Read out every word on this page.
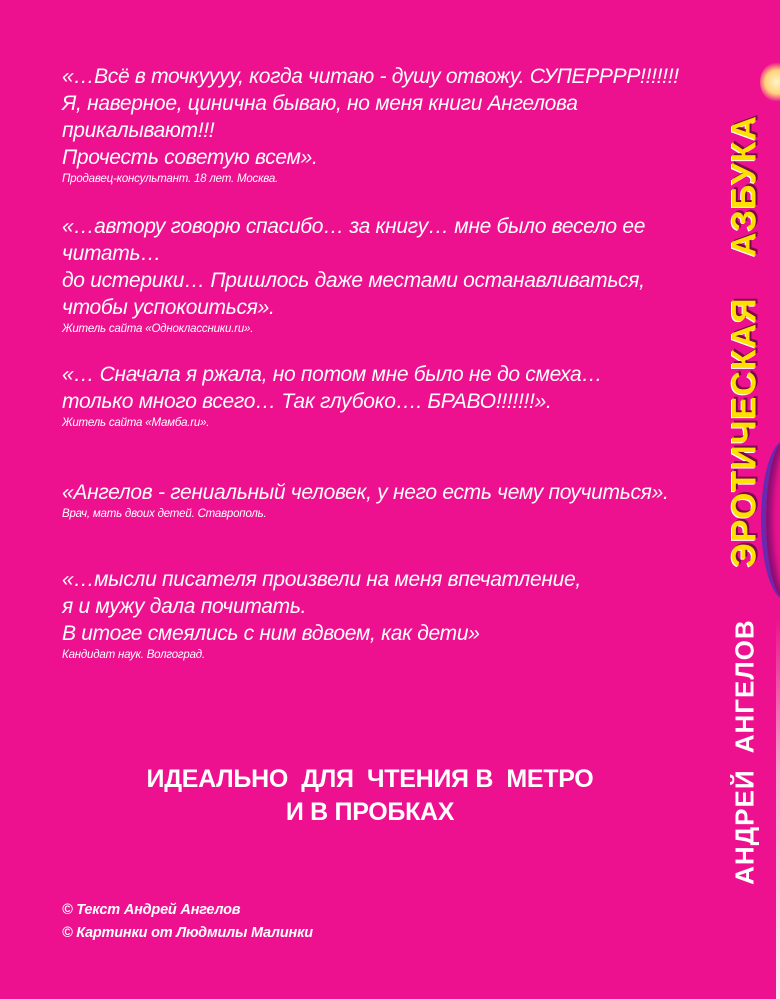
«…Всё в точкуууу, когда читаю - душу отвожу. СУПЕРРРР!!!!!!!
Я, наверное, цинична бываю, но меня книги Ангелова прикалывают!!!
Прочесть советую всем».

Продавец-консультант. 18 лет. Москва.

«…автору говорю спасибо… за книгу… мне было весело ее читать…
до истерики… Пришлось даже местами останавливаться,
чтобы успокоиться».

Житель сайта «Одноклассники.ru».

«… Сначала я ржала, но потом мне было не до смеха…
только много всего… Так глубоко…. БРАВО!!!!!!!».

Житель сайта «Мамба.ru».

«Ангелов - гениальный человек, у него есть чему поучиться».

Врач, мать двоих детей. Ставрополь.

«…мысли писателя произвели на меня впечатление,
я и мужу дала почитать.
В итоге смеялись с ним вдвоем, как дети»

Кандидат наук. Волгоград.

ИДЕАЛЬНО  ДЛЯ  ЧТЕНИЯ В  МЕТРО
И В ПРОБКАХ
© Текст Андрей Ангелов
© Картинки от Людмилы Малинки
АНДРЕЙ АНГЕЛОВ
ЭРОТИЧЕСКАЯ АЗБУКА
